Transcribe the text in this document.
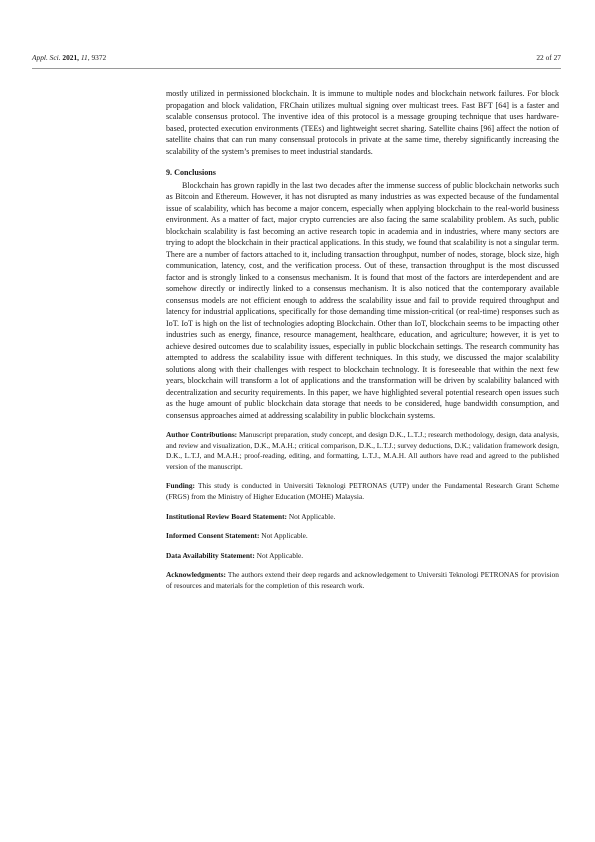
Appl. Sci. 2021, 11, 9372	22 of 27

mostly utilized in permissioned blockchain. It is immune to multiple nodes and blockchain network failures. For block propagation and block validation, FRChain utilizes multual signing over multicast trees. Fast BFT [64] is a faster and scalable consensus protocol. The inventive idea of this protocol is a message grouping technique that uses hardware-based, protected execution environments (TEEs) and lightweight secret sharing. Satellite chains [96] affect the notion of satellite chains that can run many consensual protocols in private at the same time, thereby significantly increasing the scalability of the system’s premises to meet industrial standards.

9. Conclusions

Blockchain has grown rapidly in the last two decades after the immense success of public blockchain networks such as Bitcoin and Ethereum. However, it has not disrupted as many industries as was expected because of the fundamental issue of scalability, which has become a major concern, especially when applying blockchain to the real-world business environment. As a matter of fact, major crypto currencies are also facing the same scalability problem. As such, public blockchain scalability is fast becoming an active research topic in academia and in industries, where many sectors are trying to adopt the blockchain in their practical applications. In this study, we found that scalability is not a singular term. There are a number of factors attached to it, including transaction throughput, number of nodes, storage, block size, high communication, latency, cost, and the verification process. Out of these, transaction throughput is the most discussed factor and is strongly linked to a consensus mechanism. It is found that most of the factors are interdependent and are somehow directly or indirectly linked to a consensus mechanism. It is also noticed that the contemporary available consensus models are not efficient enough to address the scalability issue and fail to provide required throughput and latency for industrial applications, specifically for those demanding time mission-critical (or real-time) responses such as IoT. IoT is high on the list of technologies adopting Blockchain. Other than IoT, blockchain seems to be impacting other industries such as energy, finance, resource management, healthcare, education, and agriculture; however, it is yet to achieve desired outcomes due to scalability issues, especially in public blockchain settings. The research community has attempted to address the scalability issue with different techniques. In this study, we discussed the major scalability solutions along with their challenges with respect to blockchain technology. It is foreseeable that within the next few years, blockchain will transform a lot of applications and the transformation will be driven by scalability balanced with decentralization and security requirements. In this paper, we have highlighted several potential research open issues such as the huge amount of public blockchain data storage that needs to be considered, huge bandwidth consumption, and consensus approaches aimed at addressing scalability in public blockchain systems.

Author Contributions: Manuscript preparation, study concept, and design D.K., L.T.J.; research methodology, design, data analysis, and review and visualization, D.K., M.A.H.; critical comparison, D.K., L.T.J.; survey deductions, D.K.; validation framework design, D.K., L.T.J, and M.A.H.; proof-reading, editing, and formatting, L.T.J., M.A.H. All authors have read and agreed to the published version of the manuscript.

Funding: This study is conducted in Universiti Teknologi PETRONAS (UTP) under the Fundamental Research Grant Scheme (FRGS) from the Ministry of Higher Education (MOHE) Malaysia.

Institutional Review Board Statement: Not Applicable.

Informed Consent Statement: Not Applicable.

Data Availability Statement: Not Applicable.

Acknowledgments: The authors extend their deep regards and acknowledgement to Universiti Teknologi PETRONAS for provision of resources and materials for the completion of this research work.
